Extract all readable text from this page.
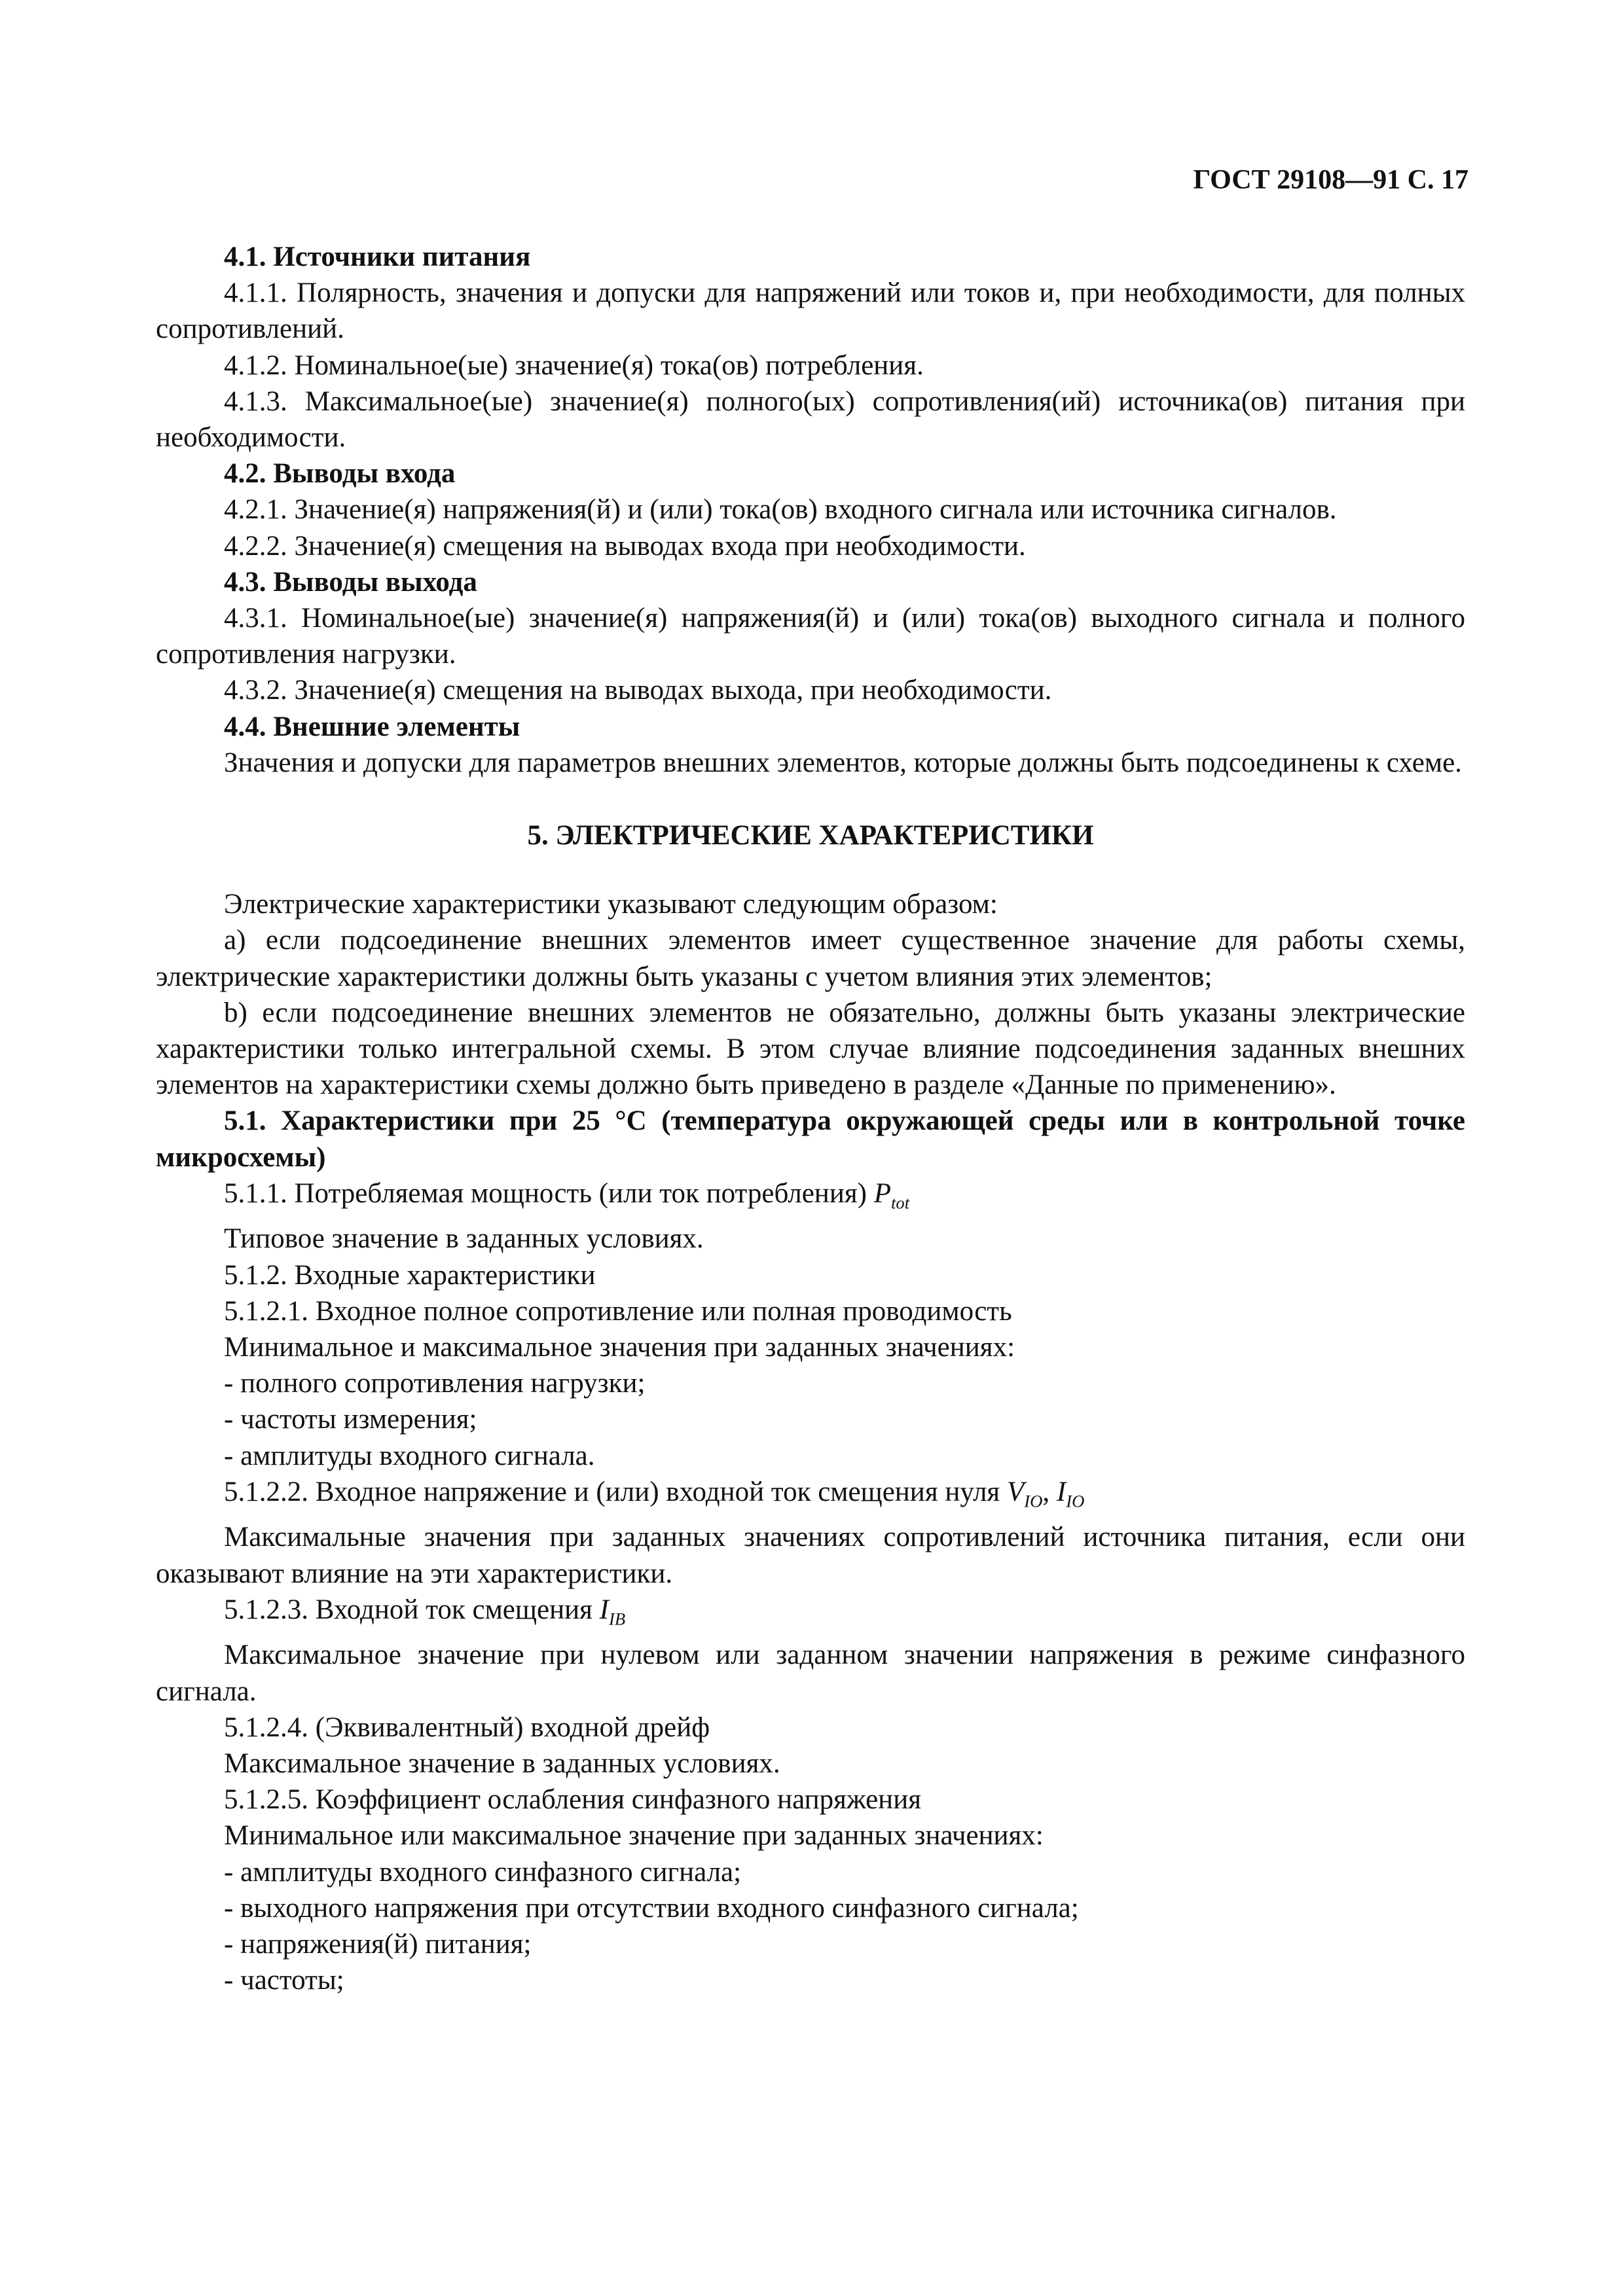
ГОСТ 29108—91 С. 17

4.1. Источники питания

4.1.1. Полярность, значения и допуски для напряжений или токов и, при необходимости, для полных сопротивлений.

4.1.2. Номинальное(ые) значение(я) тока(ов) потребления.

4.1.3. Максимальное(ые) значение(я) полного(ых) сопротивления(ий) источника(ов) питания при необходимости.

4.2. Выводы входа

4.2.1. Значение(я) напряжения(й) и (или) тока(ов) входного сигнала или источника сигналов.

4.2.2. Значение(я) смещения на выводах входа при необходимости.

4.3. Выводы выхода

4.3.1. Номинальное(ые) значение(я) напряжения(й) и (или) тока(ов) выходного сигнала и полного сопротивления нагрузки.

4.3.2. Значение(я) смещения на выводах выхода, при необходимости.

4.4. Внешние элементы

Значения и допуски для параметров внешних элементов, которые должны быть подсоединены к схеме.

5. ЭЛЕКТРИЧЕСКИЕ ХАРАКТЕРИСТИКИ

Электрические характеристики указывают следующим образом:

a) если подсоединение внешних элементов имеет существенное значение для работы схемы, электрические характеристики должны быть указаны с учетом влияния этих элементов;

b) если подсоединение внешних элементов не обязательно, должны быть указаны электрические характеристики только интегральной схемы. В этом случае влияние подсоединения заданных внешних элементов на характеристики схемы должно быть приведено в разделе «Данные по применению».

5.1. Характеристики при 25 °С (температура окружающей среды или в контрольной точке микросхемы)

5.1.1. Потребляемая мощность (или ток потребления) $P_{tot}$

Типовое значение в заданных условиях.

5.1.2. Входные характеристики

5.1.2.1. Входное полное сопротивление или полная проводимость

Минимальное и максимальное значения при заданных значениях:

- полного сопротивления нагрузки;

- частоты измерения;

- амплитуды входного сигнала.

5.1.2.2. Входное напряжение и (или) входной ток смещения нуля $V_{IO}$, $I_{IO}$

Максимальные значения при заданных значениях сопротивлений источника питания, если они оказывают влияние на эти характеристики.

5.1.2.3. Входной ток смещения $I_{IB}$

Максимальное значение при нулевом или заданном значении напряжения в режиме синфазного сигнала.

5.1.2.4. (Эквивалентный) входной дрейф

Максимальное значение в заданных условиях.

5.1.2.5. Коэффициент ослабления синфазного напряжения

Минимальное или максимальное значение при заданных значениях:

- амплитуды входного синфазного сигнала;

- выходного напряжения при отсутствии входного синфазного сигнала;

- напряжения(й) питания;

- частоты;
